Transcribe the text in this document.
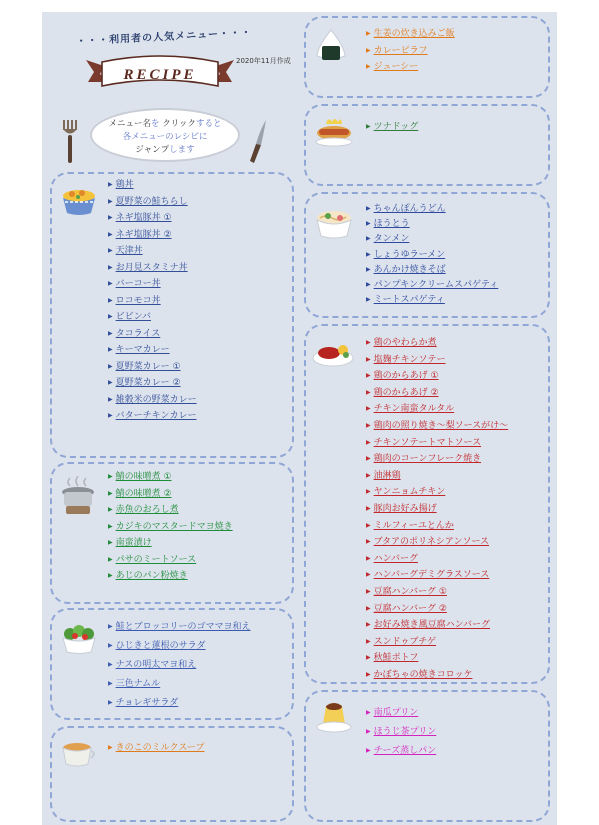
・・・利用者の人気メニュー・・・
2020年11月作成
RECIPE
メニュー名を クリックすると
各メニューのレシピに
ジャンプします
▶ 鶏丼
▶ 夏野菜の鮭ちらし
▶ ネギ塩豚丼 ①
▶ ネギ塩豚丼 ②
▶ 天津丼
▶ お月見スタミナ丼
▶ バーコー丼
▶ ロコモコ丼
▶ ビビンバ
▶ タコライス
▶ キーマカレー
▶ 夏野菜カレー ①
▶ 夏野菜カレー ②
▶ 雑穀米の野菜カレー
▶ バターチキンカレー
▶ 鯖の味噌煮 ①
▶ 鯖の味噌煮 ②
▶ 赤魚のおろし煮
▶ カジキのマスタードマヨ焼き
▶ 南蛮漬け
▶ パサのミートソース
▶ あじのパン粉焼き
▶ 鮭とブロッコリーのゴママヨ和え
▶ ひじきと蓮根のサラダ
▶ ナスの明太マヨ和え
▶ 三色ナムル
▶ チョレギサラダ
▶ きのこのミルクスープ
▶ 生姜の炊き込みご飯
▶ カレーピラフ
▶ ジューシー
▶ ツナドッグ
▶ ちゃんぽんうどん
▶ ほうとう
▶ タンメン
▶ しょうゆラーメン
▶ あんかけ焼きそば
▶ パンプキンクリームスパゲティ
▶ ミートスパゲティ
▶ 鶏のやわらか煮
▶ 塩麹チキンソテー
▶ 鶏のからあげ ①
▶ 鶏のからあげ ②
▶ チキン南蛮タルタル
▶ 鶏肉の照り焼き～梨ソースがけ～
▶ チキンソテートマトソース
▶ 鶏肉のコーンフレーク焼き
▶ 油淋鶏
▶ ヤンニョムチキン
▶ 豚肉お好み揚げ
▶ ミルフィーユとんか
▶ ブタアのポリネシアンソース
▶ ハンバーグ
▶ ハンバーグデミグラスソース
▶ 豆腐ハンバーグ ①
▶ 豆腐ハンバーグ ②
▶ お好み焼き風豆腐ハンバーグ
▶ スンドゥブチゲ
▶ 秋鮭ポトフ
▶ かぼちゃの焼きコロッケ
▶ 南瓜プリン
▶ ほうじ茶プリン
▶ チーズ蒸しパン
